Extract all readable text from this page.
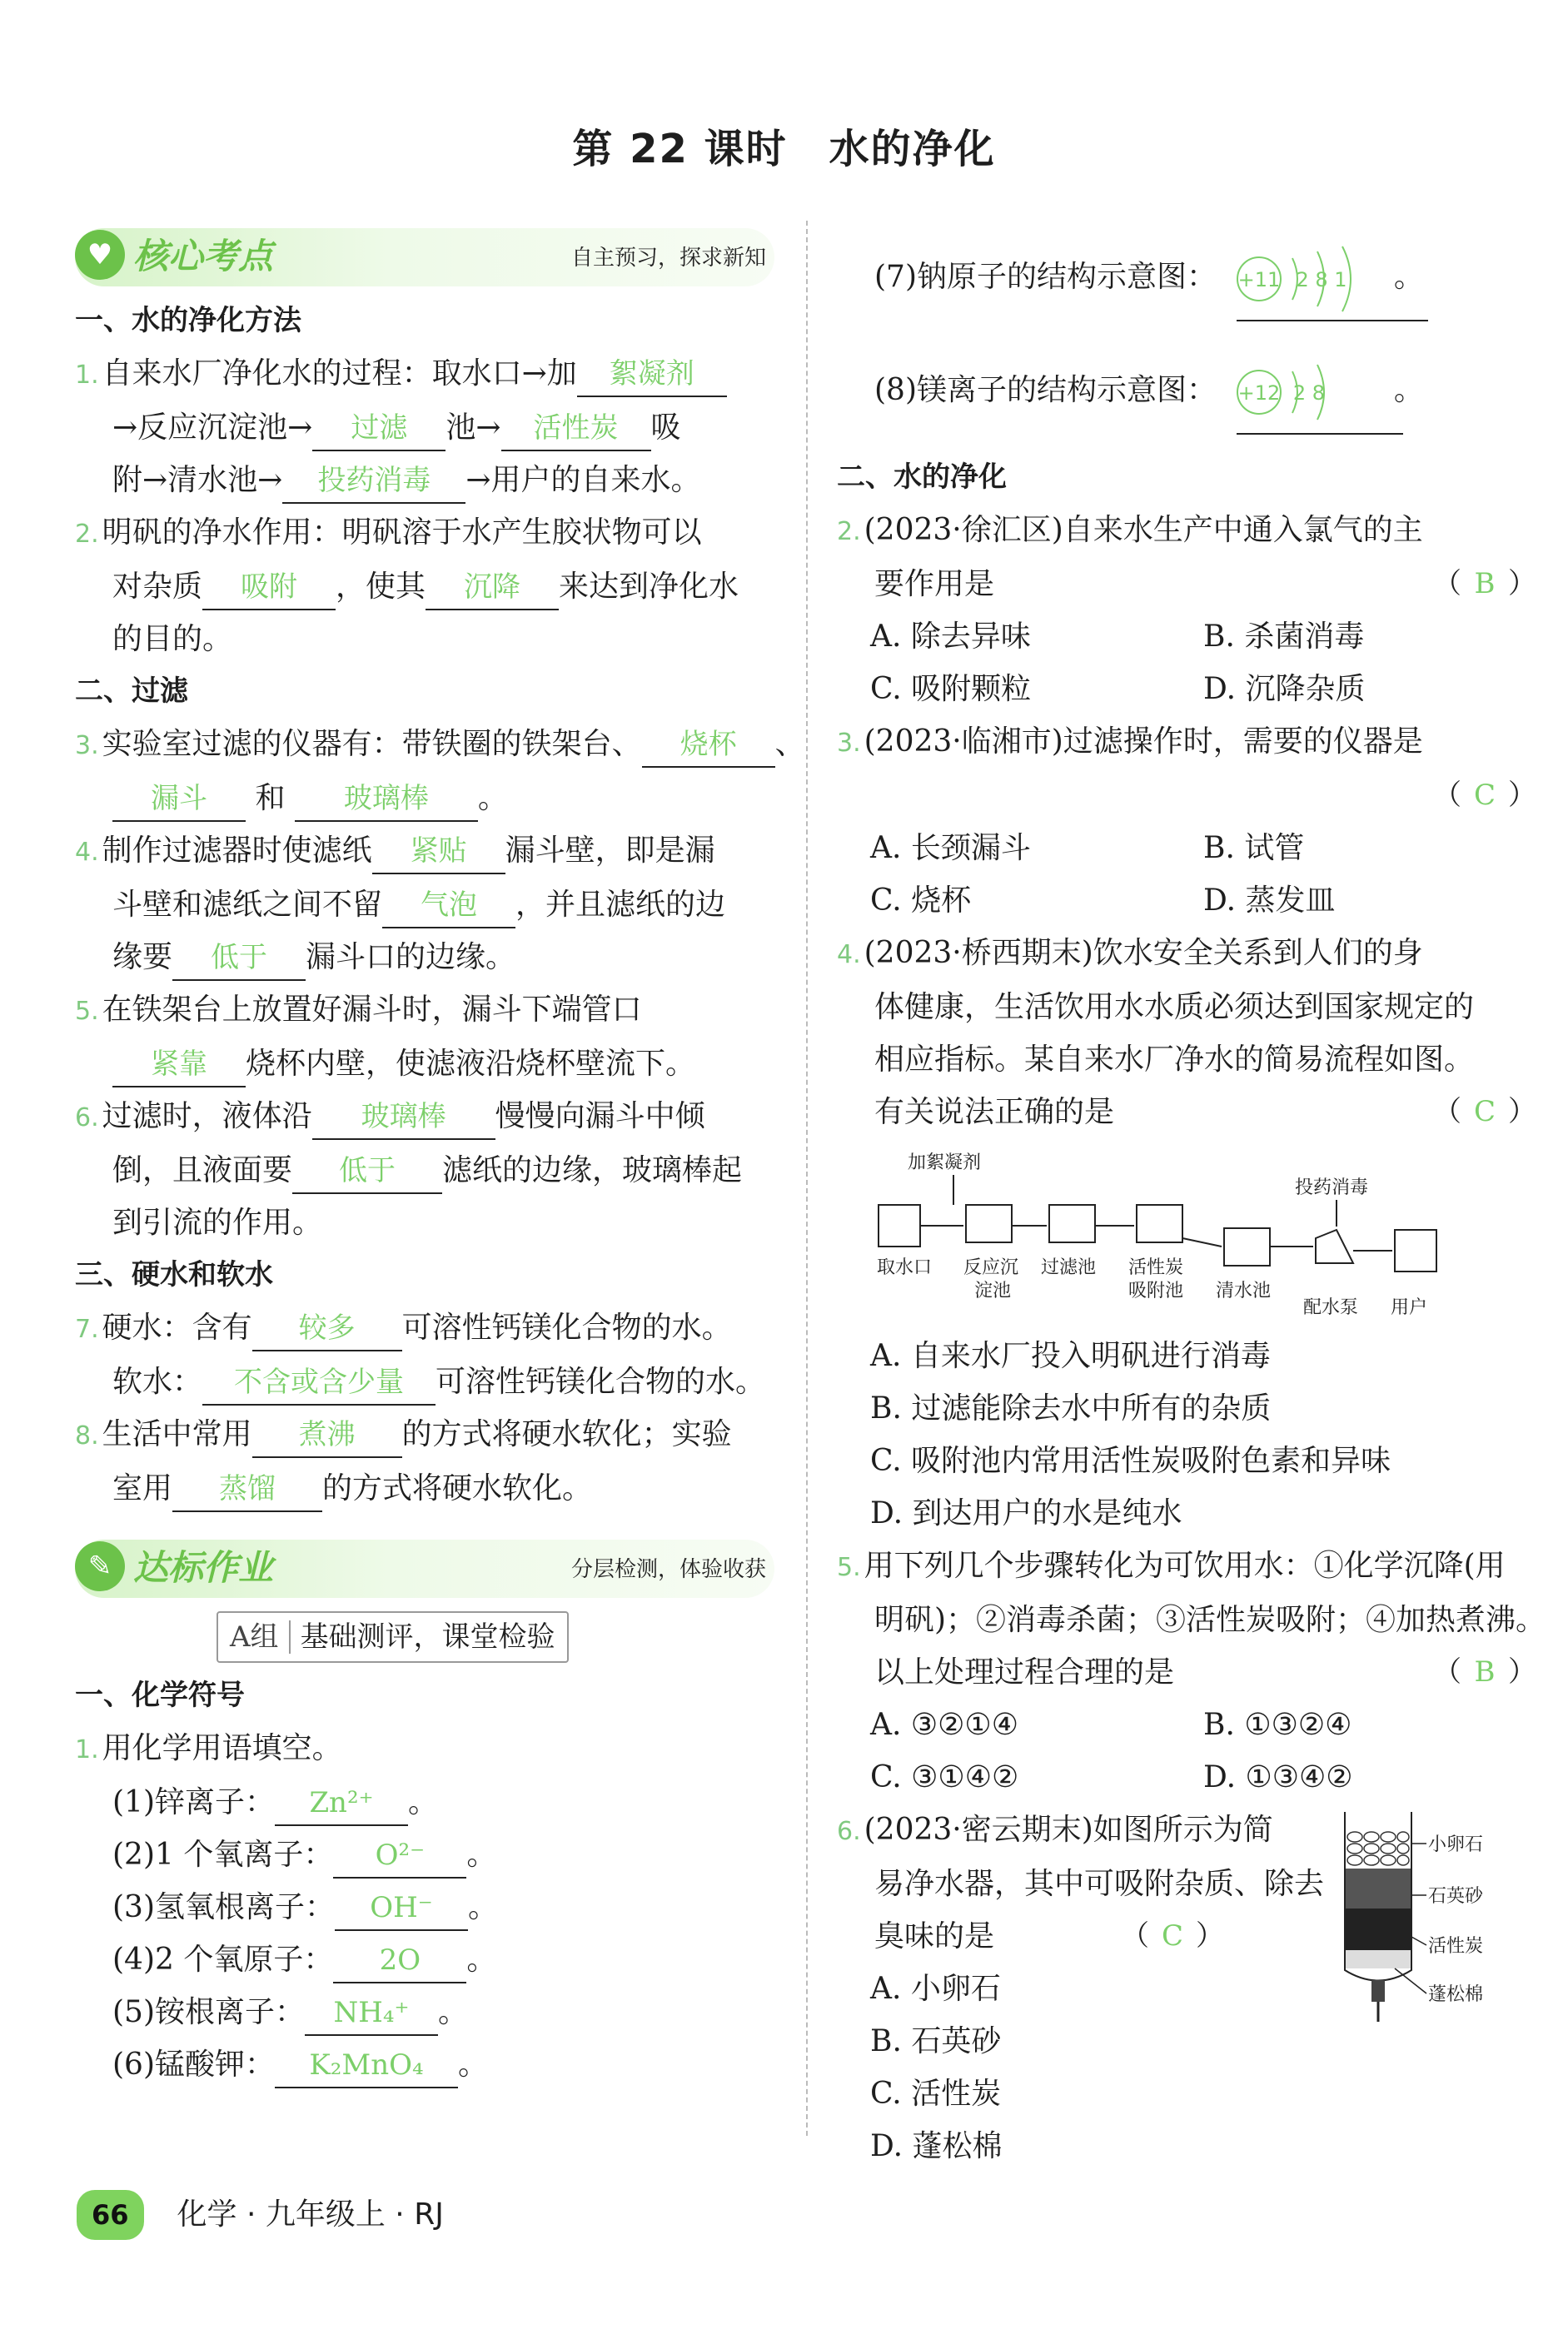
第 22 课时　水的净化
♥ 核心考点	自主预习，探求新知
一、水的净化方法
1. 自来水厂净化水的过程：取水口→加 絮凝剂
→反应沉淀池→ 过滤 池→ 活性炭 吸
附→清水池→ 投药消毒 →用户的自来水。
2. 明矾的净水作用：明矾溶于水产生胶状物可以
对杂质 吸附 ，使其 沉降 来达到净化水
的目的。
二、过滤
3. 实验室过滤的仪器有：带铁圈的铁架台、 烧杯 、
漏斗 和 玻璃棒 。
4. 制作过滤器时使滤纸 紧贴 漏斗壁，即是漏
斗壁和滤纸之间不留 气泡 ，并且滤纸的边
缘要 低于 漏斗口的边缘。
5. 在铁架台上放置好漏斗时，漏斗下端管口
紧靠 烧杯内壁，使滤液沿烧杯壁流下。
6. 过滤时，液体沿 玻璃棒 慢慢向漏斗中倾
倒，且液面要 低于 滤纸的边缘，玻璃棒起
到引流的作用。
三、硬水和软水
7. 硬水：含有 较多 可溶性钙镁化合物的水。
软水： 不含或含少量 可溶性钙镁化合物的水。
8. 生活中常用 煮沸 的方式将硬水软化；实验
室用 蒸馏 的方式将硬水软化。
✎ 达标作业	分层检测，体验收获
A组 基础测评，课堂检验
一、化学符号
1. 用化学用语填空。
(1)锌离子： Zn²⁺ 。
(2)1 个氧离子： O²⁻ 。
(3)氢氧根离子： OH⁻ 。
(4)2 个氧原子： 2O 。
(5)铵根离子： NH₄⁺ 。
(6)锰酸钾： K₂MnO₄ 。
(7)钠原子的结构示意图： +11 2 8 1 。
(8)镁离子的结构示意图： +12 2 8 。
二、水的净化
2. (2023·徐汇区)自来水生产中通入氯气的主
要作用是	（ B ）
A. 除去异味	B. 杀菌消毒
C. 吸附颗粒	D. 沉降杂质
3. (2023·临湘市)过滤操作时，需要的仪器是

（ C ）
A. 长颈漏斗	B. 试管
C. 烧杯	D. 蒸发皿
4. (2023·桥西期末)饮水安全关系到人们的身
体健康，生活饮用水水质必须达到国家规定的
相应指标。某自来水厂净水的简易流程如图。
有关说法正确的是	（ C ）
加絮凝剂
投药消毒
取水口 反应沉
淀池
过滤池 活性炭
吸附池 清水池
配水泵 用户
A. 自来水厂投入明矾进行消毒
B. 过滤能除去水中所有的杂质
C. 吸附池内常用活性炭吸附色素和异味
D. 到达用户的水是纯水
5. 用下列几个步骤转化为可饮用水：①化学沉降(用
明矾)；②消毒杀菌；③活性炭吸附；④加热煮沸。
以上处理过程合理的是	（ B ）
A. ③②①④	B. ①③②④
C. ③①④②	D. ①③④②
6. (2023·密云期末)如图所示为简
易净水器，其中可吸附杂质、除去
臭味的是	（ C ）
A. 小卵石
B. 石英砂
C. 活性炭
D. 蓬松棉
小卵石
石英砂
活性炭
蓬松棉
66 化学 · 九年级上 · RJ
